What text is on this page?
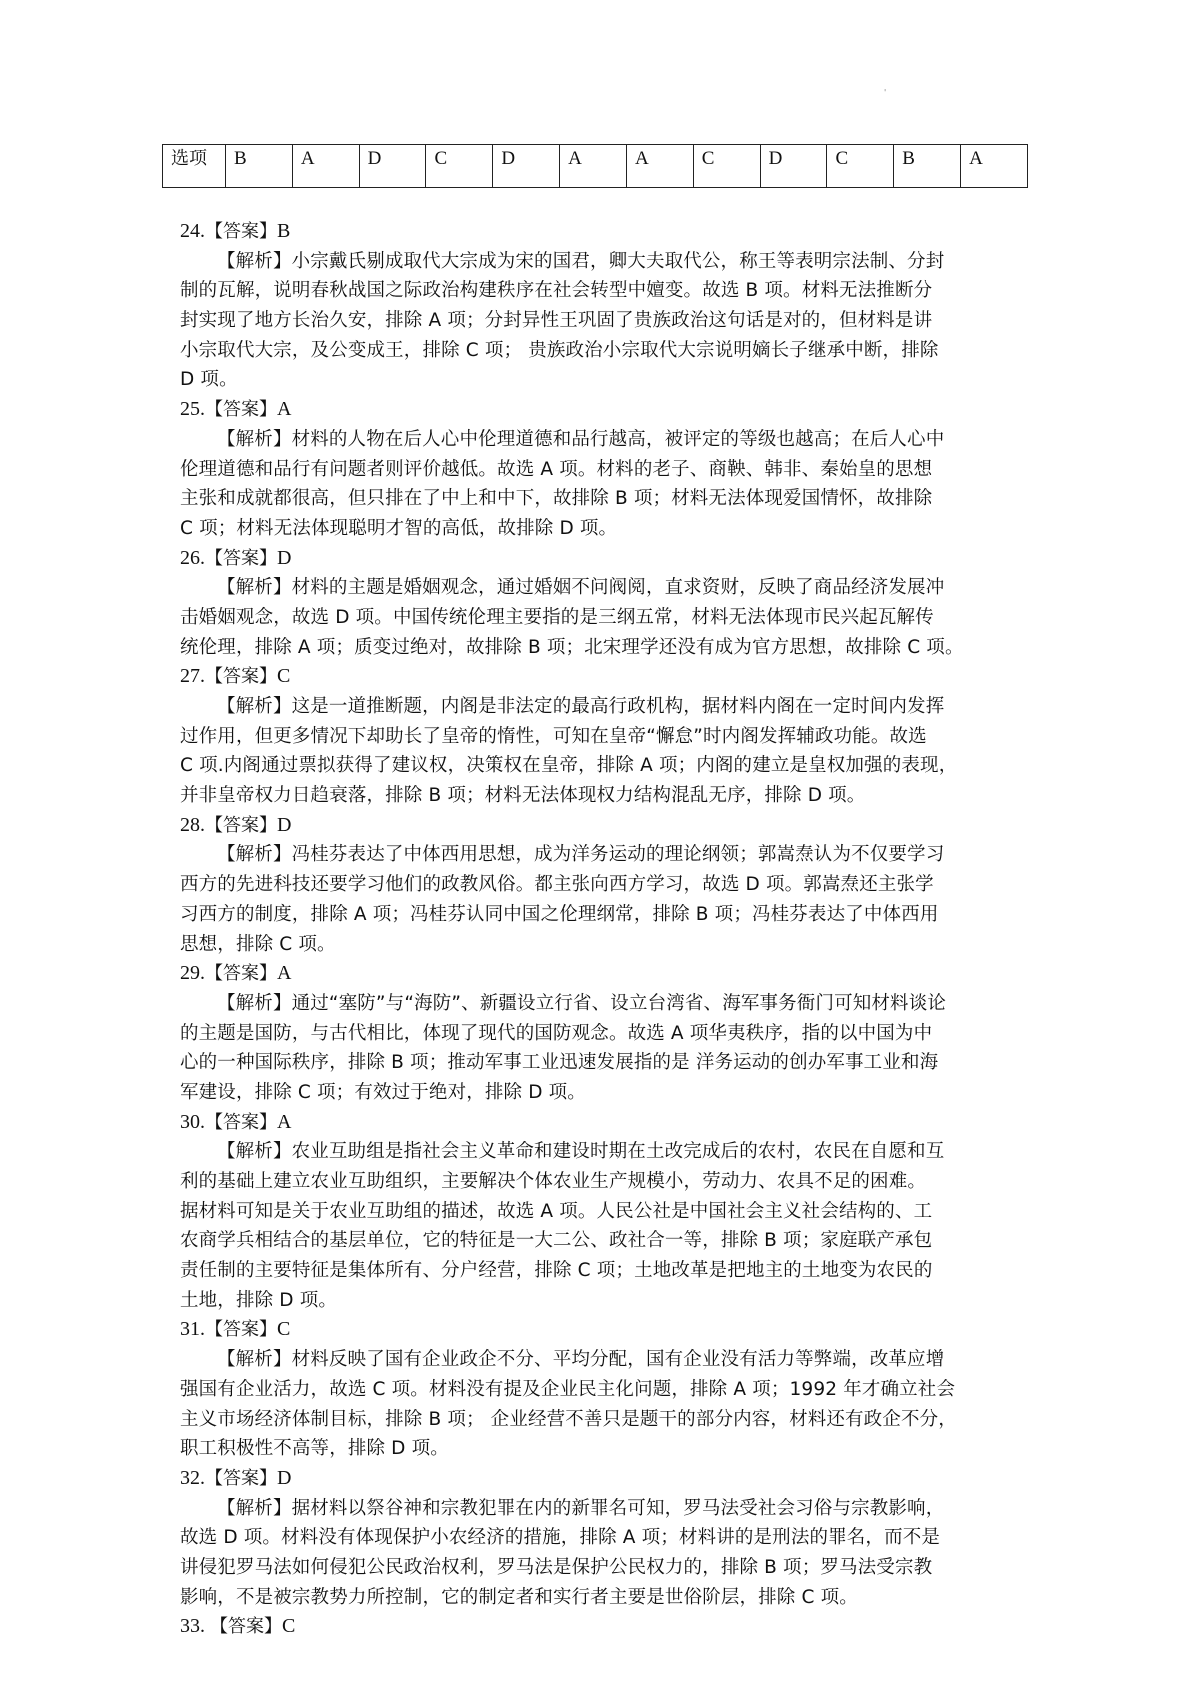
'
选项	B	A	D	C	D	A	A	C	D	C	B	A
24.【答案】B
【解析】小宗戴氏剔成取代大宗成为宋的国君，卿大夫取代公，称王等表明宗法制、分封
制的瓦解，说明春秋战国之际政治构建秩序在社会转型中嬗变。故选 B 项。材料无法推断分
封实现了地方长治久安，排除 A 项；分封异性王巩固了贵族政治这句话是对的，但材料是讲
小宗取代大宗，及公变成王，排除 C 项； 贵族政治小宗取代大宗说明嫡长子继承中断，排除
D 项。
25.【答案】A
【解析】材料的人物在后人心中伦理道德和品行越高，被评定的等级也越高；在后人心中
伦理道德和品行有问题者则评价越低。故选 A 项。材料的老子、商鞅、韩非、秦始皇的思想
主张和成就都很高，但只排在了中上和中下，故排除 B 项；材料无法体现爱国情怀，故排除
C 项；材料无法体现聪明才智的高低，故排除 D 项。
26.【答案】D
【解析】材料的主题是婚姻观念，通过婚姻不问阀阅，直求资财，反映了商品经济发展冲
击婚姻观念，故选 D 项。中国传统伦理主要指的是三纲五常，材料无法体现市民兴起瓦解传
统伦理，排除 A 项；质变过绝对，故排除 B 项；北宋理学还没有成为官方思想，故排除 C 项。
27.【答案】C
【解析】这是一道推断题，内阁是非法定的最高行政机构，据材料内阁在一定时间内发挥
过作用，但更多情况下却助长了皇帝的惰性，可知在皇帝“懈怠”时内阁发挥辅政功能。故选
C 项.内阁通过票拟获得了建议权，决策权在皇帝，排除 A 项；内阁的建立是皇权加强的表现，
并非皇帝权力日趋衰落，排除 B 项；材料无法体现权力结构混乱无序，排除 D 项。
28.【答案】D
【解析】冯桂芬表达了中体西用思想，成为洋务运动的理论纲领；郭嵩焘认为不仅要学习
西方的先进科技还要学习他们的政教风俗。都主张向西方学习，故选 D 项。郭嵩焘还主张学
习西方的制度，排除 A 项；冯桂芬认同中国之伦理纲常，排除 B 项；冯桂芬表达了中体西用
思想，排除 C 项。
29.【答案】A
【解析】通过“塞防”与“海防”、新疆设立行省、设立台湾省、海军事务衙门可知材料谈论
的主题是国防，与古代相比，体现了现代的国防观念。故选 A 项华夷秩序，指的以中国为中
心的一种国际秩序，排除 B 项；推动军事工业迅速发展指的是 洋务运动的创办军事工业和海
军建设，排除 C 项；有效过于绝对，排除 D 项。
30.【答案】A
【解析】农业互助组是指社会主义革命和建设时期在土改完成后的农村，农民在自愿和互
利的基础上建立农业互助组织，主要解决个体农业生产规模小，劳动力、农具不足的困难。
据材料可知是关于农业互助组的描述，故选 A 项。人民公社是中国社会主义社会结构的、工
农商学兵相结合的基层单位，它的特征是一大二公、政社合一等，排除 B 项；家庭联产承包
责任制的主要特征是集体所有、分户经营，排除 C 项；土地改革是把地主的土地变为农民的
土地，排除 D 项。
31.【答案】C
【解析】材料反映了国有企业政企不分、平均分配，国有企业没有活力等弊端，改革应增
强国有企业活力，故选 C 项。材料没有提及企业民主化问题，排除 A 项；1992 年才确立社会
主义市场经济体制目标，排除 B 项； 企业经营不善只是题干的部分内容，材料还有政企不分，
职工积极性不高等，排除 D 项。
32.【答案】D
【解析】据材料以祭谷神和宗教犯罪在内的新罪名可知，罗马法受社会习俗与宗教影响，
故选 D 项。材料没有体现保护小农经济的措施，排除 A 项；材料讲的是刑法的罪名，而不是
讲侵犯罗马法如何侵犯公民政治权利，罗马法是保护公民权力的，排除 B 项；罗马法受宗教
影响，不是被宗教势力所控制，它的制定者和实行者主要是世俗阶层，排除 C 项。
33. 【答案】C
